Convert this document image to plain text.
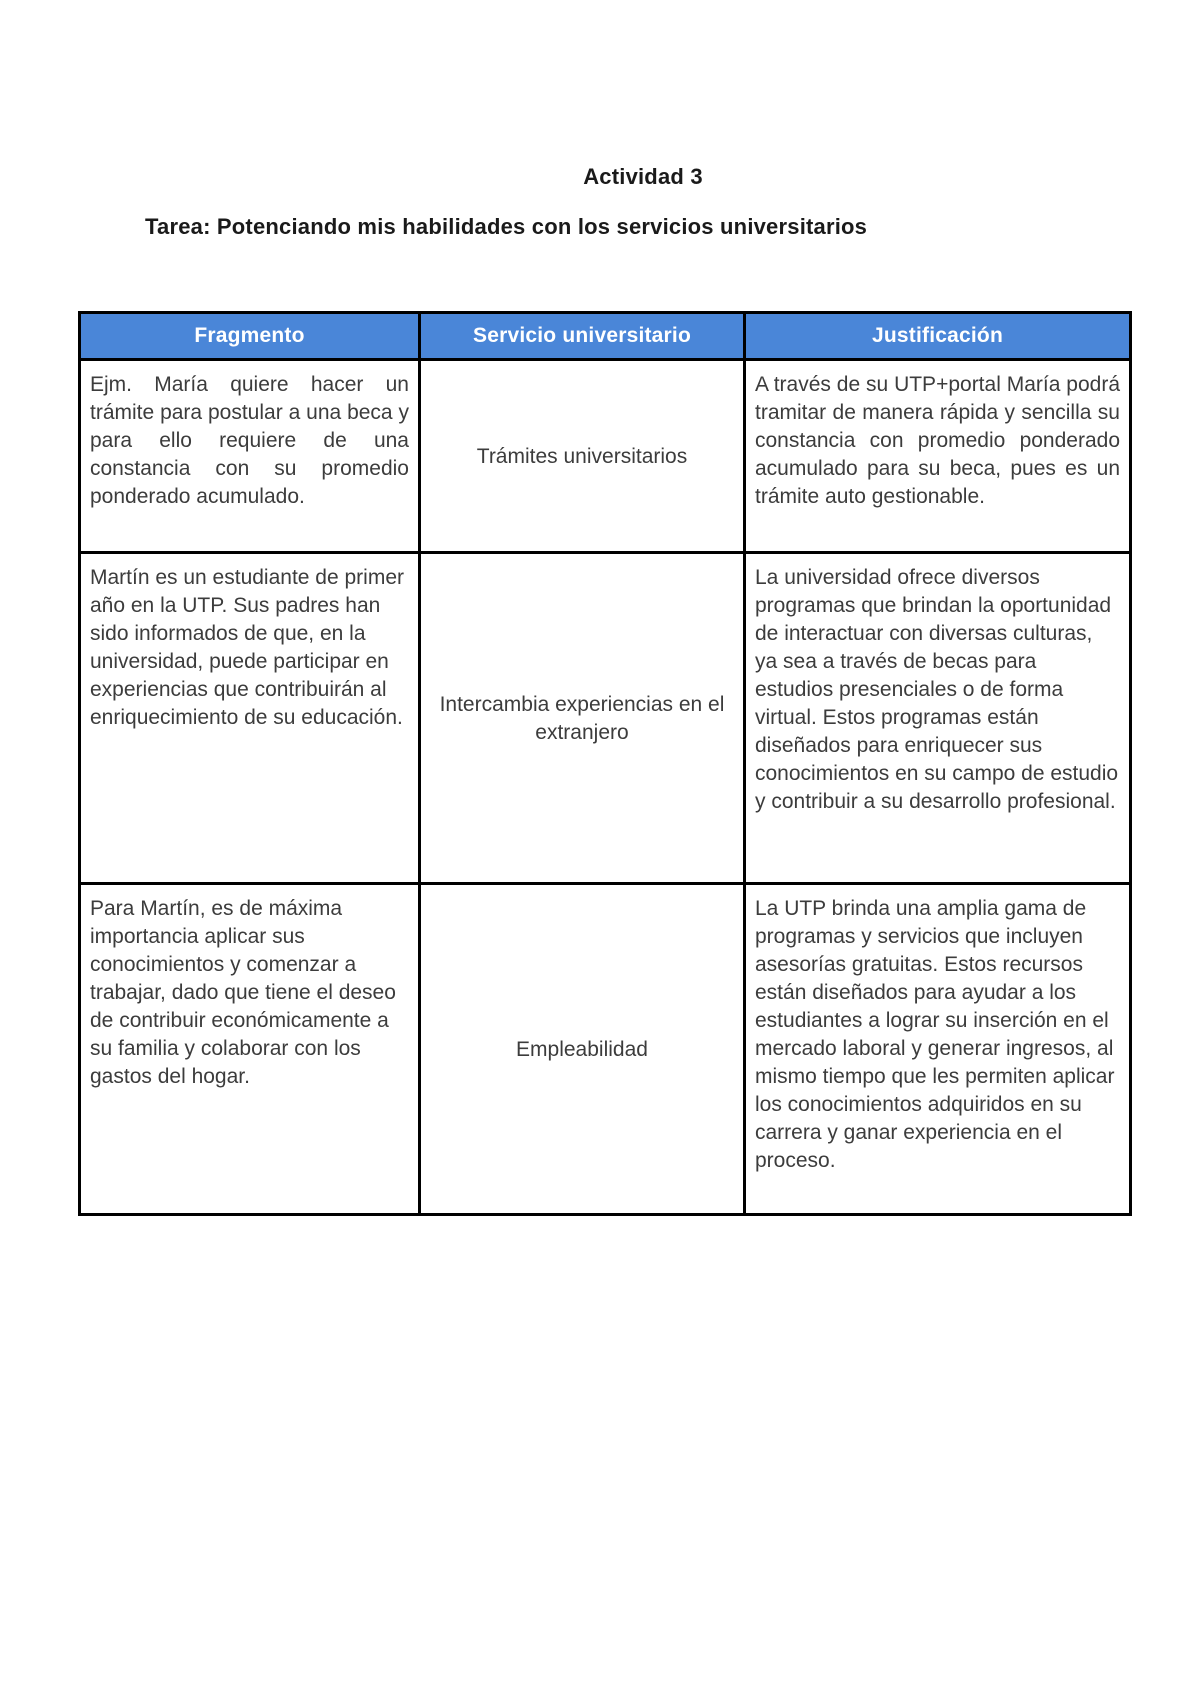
Actividad 3
Tarea: Potenciando mis habilidades con los servicios universitarios
Fragmento	Servicio universitario	Justificación
Ejm. María quiere hacer un trámite para postular a una beca y para ello requiere de una constancia con su promedio ponderado acumulado.	Trámites universitarios	A través de su UTP+portal María podrá tramitar de manera rápida y sencilla su constancia con promedio ponderado acumulado para su beca, pues es un trámite auto gestionable.
Martín es un estudiante de primer año en la UTP. Sus padres han sido informados de que, en la universidad, puede participar en experiencias que contribuirán al enriquecimiento de su educación.	Intercambia experiencias en el extranjero	La universidad ofrece diversos programas que brindan la oportunidad de interactuar con diversas culturas, ya sea a través de becas para estudios presenciales o de forma virtual. Estos programas están diseñados para enriquecer sus conocimientos en su campo de estudio y contribuir a su desarrollo profesional.
Para Martín, es de máxima importancia aplicar sus conocimientos y comenzar a trabajar, dado que tiene el deseo de contribuir económicamente a su familia y colaborar con los gastos del hogar.	Empleabilidad	La UTP brinda una amplia gama de programas y servicios que incluyen asesorías gratuitas. Estos recursos están diseñados para ayudar a los estudiantes a lograr su inserción en el mercado laboral y generar ingresos, al mismo tiempo que les permiten aplicar los conocimientos adquiridos en su carrera y ganar experiencia en el proceso.
